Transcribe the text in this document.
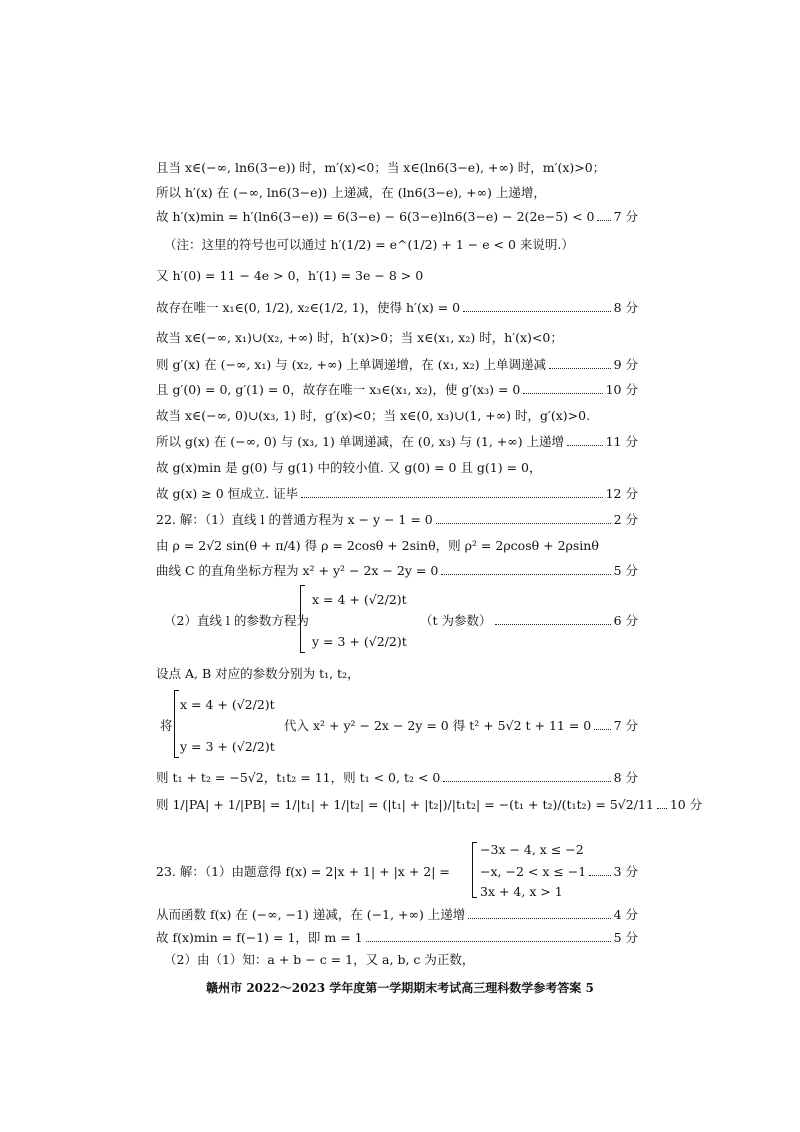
且当 x∈(−∞, ln6(3−e)) 时，m′(x)<0；当 x∈(ln6(3−e), +∞) 时，m′(x)>0；
所以 h′(x) 在 (−∞, ln6(3−e)) 上递减，在 (ln6(3−e), +∞) 上递增，
故 h′(x)min = h′(ln6(3−e)) = 6(3−e) − 6(3−e)ln6(3−e) − 2(2e−5) < 0 7 分
（注：这里的符号也可以通过 h′(1/2) = e^(1/2) + 1 − e < 0 来说明.）
又 h′(0) = 11 − 4e > 0，h′(1) = 3e − 8 > 0
故存在唯一 x₁∈(0, 1/2), x₂∈(1/2, 1)，使得 h′(x) = 0	8 分
故当 x∈(−∞, x₁)∪(x₂, +∞) 时，h′(x)>0；当 x∈(x₁, x₂) 时，h′(x)<0；
则 g′(x) 在 (−∞, x₁) 与 (x₂, +∞) 上单调递增，在 (x₁, x₂) 上单调递减	9 分
且 g′(0) = 0, g′(1) = 0，故存在唯一 x₃∈(x₁, x₂)，使 g′(x₃) = 0	10 分
故当 x∈(−∞, 0)∪(x₃, 1) 时，g′(x)<0；当 x∈(0, x₃)∪(1, +∞) 时，g′(x)>0.
所以 g(x) 在 (−∞, 0) 与 (x₃, 1) 单调递减，在 (0, x₃) 与 (1, +∞) 上递增	11 分
故 g(x)min 是 g(0) 与 g(1) 中的较小值. 又 g(0) = 0 且 g(1) = 0，
故 g(x) ≥ 0 恒成立. 证毕	12 分
22. 解：（1）直线 l 的普通方程为 x − y − 1 = 0	2 分
由 ρ = 2√2 sin(θ + π/4) 得 ρ = 2cosθ + 2sinθ，则 ρ² = 2ρcosθ + 2ρsinθ
曲线 C 的直角坐标方程为 x² + y² − 2x − 2y = 0	5 分
设点 A, B 对应的参数分别为 t₁, t₂，
则 t₁ + t₂ = −5√2，t₁t₂ = 11，则 t₁ < 0, t₂ < 0	8 分
则 1/|PA| + 1/|PB| = 1/|t₁| + 1/|t₂| = (|t₁| + |t₂|)/|t₁t₂| = −(t₁ + t₂)/(t₁t₂) = 5√2/11 10 分
从而函数 f(x) 在 (−∞, −1) 递减，在 (−1, +∞) 上递增	4 分
故 f(x)min = f(−1) = 1，即 m = 1	5 分
（2）由（1）知：a + b − c = 1，又 a, b, c 为正数，
（2）直线 l 的参数方程为
x = 4 + (√2/2)t
y = 3 + (√2/2)t
（t 为参数）	6 分
将
x = 4 + (√2/2)t
y = 3 + (√2/2)t
代入 x² + y² − 2x − 2y = 0 得 t² + 5√2 t + 11 = 0 7 分
23. 解：（1）由题意得 f(x) = 2|x + 1| + |x + 2| =
−3x − 4, x ≤ −2
−x, −2 < x ≤ −1 3 分
3x + 4, x > 1
赣州市 2022～2023 学年度第一学期期末考试高三理科数学参考答案 5
